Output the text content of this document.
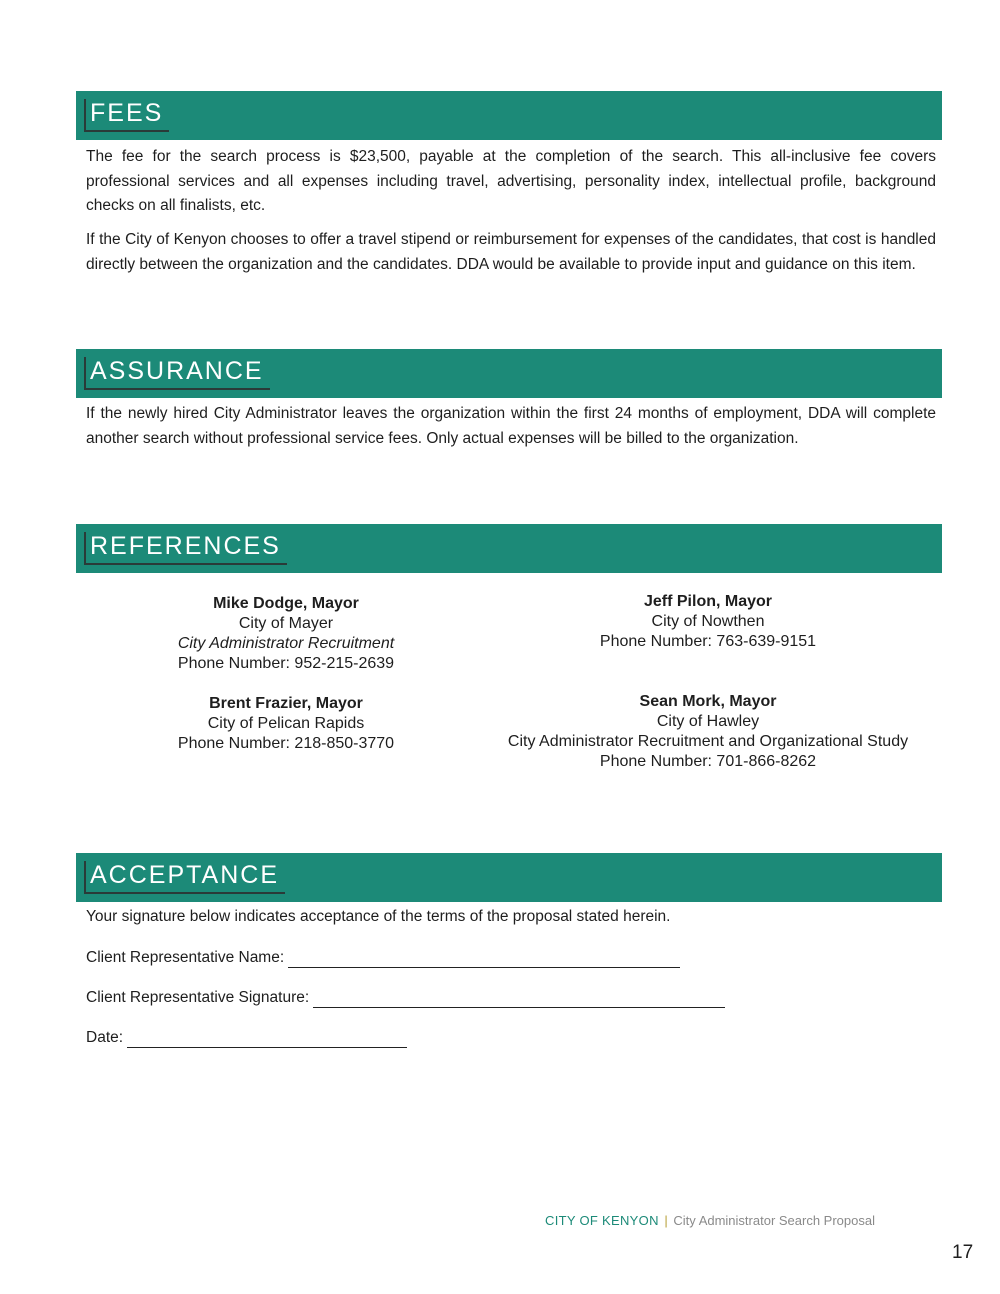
FEES

The fee for the search process is $23,500, payable at the completion of the search. This all-inclusive fee covers professional services and all expenses including travel, advertising, personality index, intellectual profile, background checks on all finalists, etc.

If the City of Kenyon chooses to offer a travel stipend or reimbursement for expenses of the candidates, that cost is handled directly between the organization and the candidates. DDA would be available to provide input and guidance on this item.

ASSURANCE

If the newly hired City Administrator leaves the organization within the first 24 months of employment, DDA will complete another search without professional service fees. Only actual expenses will be billed to the organization.

REFERENCES
Mike Dodge, Mayor
City of Mayer
City Administrator Recruitment
Phone Number: 952-215-2639
Jeff Pilon, Mayor
City of Nowthen
Phone Number: 763-639-9151
Brent Frazier, Mayor
City of Pelican Rapids
Phone Number: 218-850-3770
Sean Mork, Mayor
City of Hawley
City Administrator Recruitment and Organizational Study
Phone Number: 701-866-8262
ACCEPTANCE

Your signature below indicates acceptance of the terms of the proposal stated herein.

Client Representative Name:
Client Representative Signature:
Date:
CITY OF KENYON | City Administrator Search Proposal
17
